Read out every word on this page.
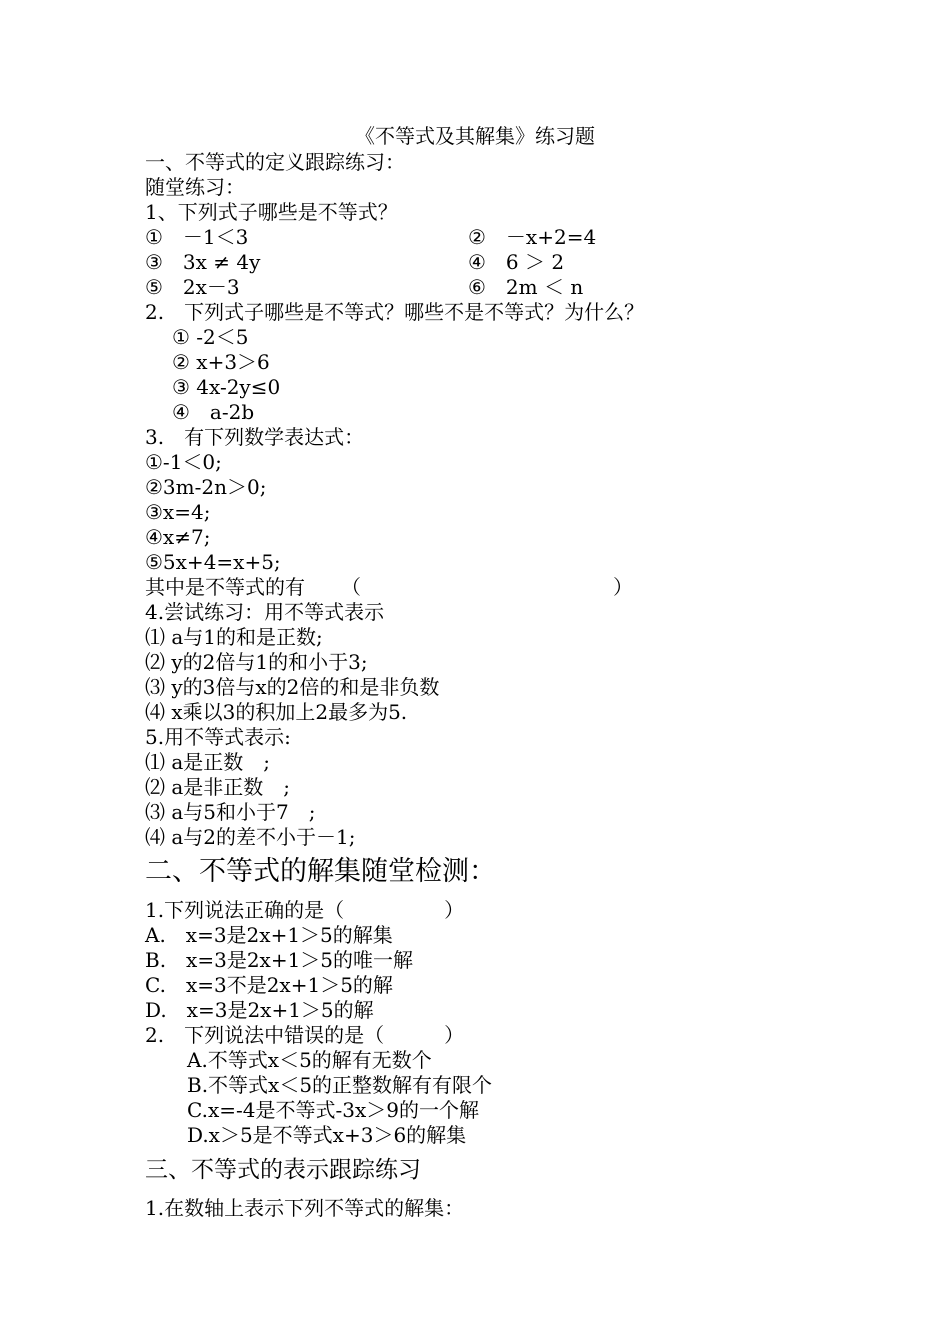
《不等式及其解集》练习题
一、不等式的定义跟踪练习：
随堂练习：
1、下列式子哪些是不等式？
①　－1＜3	②　－x+2=4
③　3x ≠ 4y	④　6 ＞ 2
⑤　2x－3	⑥　2m ＜ n
2.　下列式子哪些是不等式？哪些不是不等式？为什么？
① -2＜5
② x+3＞6
③ 4x-2y≤0
④　a-2b
3.　有下列数学表达式：
①-1＜0;
②3m-2n＞0;
③x=4;
④x≠7;
⑤5x+4=x+5;
其中是不等式的有 （	）
4.尝试练习：用不等式表示
⑴ a与1的和是正数;
⑵ y的2倍与1的和小于3;
⑶ y的3倍与x的2倍的和是非负数
⑷ x乘以3的积加上2最多为5.
5.用不等式表示:
⑴ a是正数　;
⑵ a是非正数　;
⑶ a与5和小于7　;
⑷ a与2的差不小于－1;
二、不等式的解集随堂检测：
1.下列说法正确的是（　　　　　）
A.　x=3是2x+1＞5的解集
B.　x=3是2x+1＞5的唯一解
C.　x=3不是2x+1＞5的解
D.　x=3是2x+1＞5的解
2.　下列说法中错误的是（　　　）
A.不等式x＜5的解有无数个
B.不等式x＜5的正整数解有有限个
C.x=-4是不等式-3x＞9的一个解
D.x＞5是不等式x+3＞6的解集
三、不等式的表示跟踪练习
1.在数轴上表示下列不等式的解集：
